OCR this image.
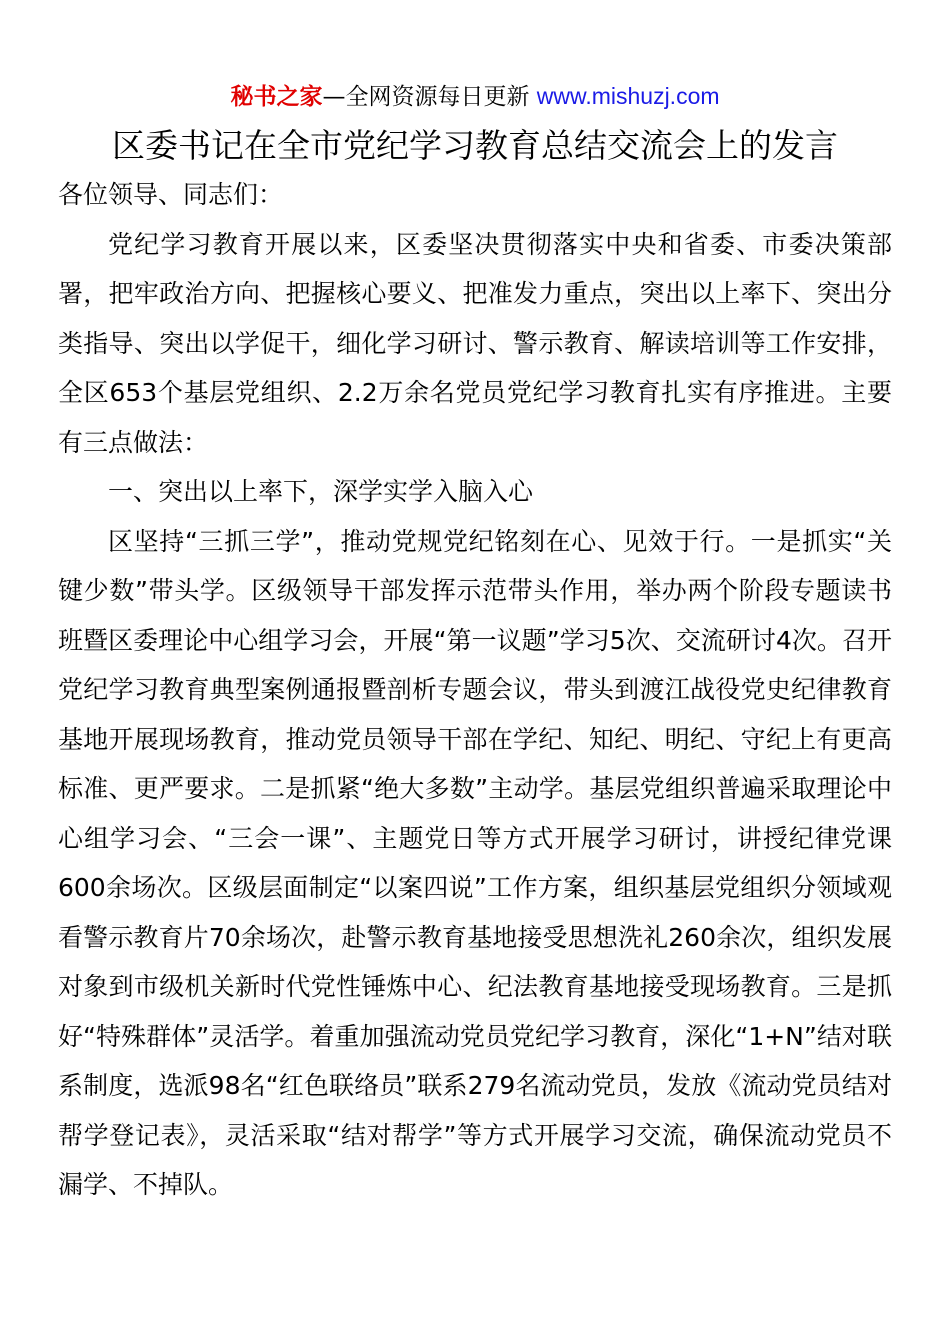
秘书之家—全网资源每日更新 www.mishuzj.com
区委书记在全市党纪学习教育总结交流会上的发言

各位领导、同志们：

党纪学习教育开展以来，区委坚决贯彻落实中央和省委、市委决策部署，把牢政治方向、把握核心要义、把准发力重点，突出以上率下、突出分类指导、突出以学促干，细化学习研讨、警示教育、解读培训等工作安排，全区653个基层党组织、2.2万余名党员党纪学习教育扎实有序推进。主要有三点做法：

一、突出以上率下，深学实学入脑入心

区坚持“三抓三学”，推动党规党纪铭刻在心、见效于行。一是抓实“关键少数”带头学。区级领导干部发挥示范带头作用，举办两个阶段专题读书班暨区委理论中心组学习会，开展“第一议题”学习5次、交流研讨4次。召开党纪学习教育典型案例通报暨剖析专题会议，带头到渡江战役党史纪律教育基地开展现场教育，推动党员领导干部在学纪、知纪、明纪、守纪上有更高标准、更严要求。二是抓紧“绝大多数”主动学。基层党组织普遍采取理论中心组学习会、“三会一课”、主题党日等方式开展学习研讨，讲授纪律党课600余场次。区级层面制定“以案四说”工作方案，组织基层党组织分领域观看警示教育片70余场次，赴警示教育基地接受思想洗礼260余次，组织发展对象到市级机关新时代党性锤炼中心、纪法教育基地接受现场教育。三是抓好“特殊群体”灵活学。着重加强流动党员党纪学习教育，深化“1+N”结对联系制度，选派98名“红色联络员”联系279名流动党员，发放《流动党员结对帮学登记表》，灵活采取“结对帮学”等方式开展学习交流，确保流动党员不漏学、不掉队。
